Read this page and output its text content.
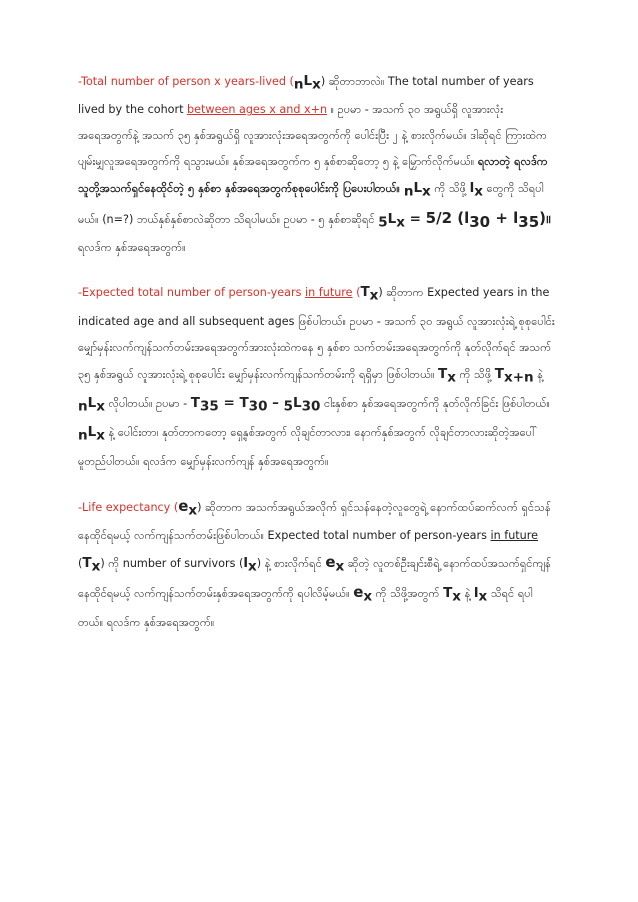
-Total number of person x years-lived $(_nL_x)$ ဆိုတာဘာလဲ။ The total number of years lived by the cohort between ages x and x+n ။ ဥပမာ - အသက် ၃၀ အရွယ်ရှိ လူအားလုံးအရေအတွက်နဲ့ အသက် ၃၅ နှစ်အရွယ်ရှိ လူအားလုံးအရေအတွက်ကို ပေါင်းပြီး ၂ နဲ့ စားလိုက်မယ်။ ဒါဆိုရင် ကြားထဲက ပျမ်းမျှလူအရေအတွက်ကို ရသွားမယ်။ နှစ်အရေအတွက်က ၅ နှစ်စာဆိုတော့ ၅ နဲ့ မြှောက်လိုက်မယ်။ ရလာတဲ့ ရလဒ်က သူတို့အသက်ရှင်နေထိုင်တဲ့ ၅ နှစ်စာ နှစ်အရေအတွက်စုစုပေါင်းကို ပြပေးပါတယ်။ $_nL_x$ ကို သိဖို့ $l_x$ တွေကို သိရပါမယ်။ (n=?) ဘယ်နှစ်နှစ်စာလဲဆိုတာ သိရပါမယ်။ ဥပမာ - ၅ နှစ်စာဆိုရင် $_5L_x = 5/2$ $(l_{30} + l_{35})$။ ရလဒ်က နှစ်အရေအတွက်။

-Expected total number of person-years in future $(T_x)$ ဆိုတာက Expected years in the indicated age and all subsequent ages ဖြစ်ပါတယ်။ ဥပမာ - အသက် ၃၀ အရွယ် လူအားလုံးရဲ့ စုစုပေါင်း မျှော်မှန်းလက်ကျန်သက်တမ်းအရေအတွက်အားလုံးထဲကနေ ၅ နှစ်စာ သက်တမ်းအရေအတွက်ကို နုတ်လိုက်ရင် အသက် ၃၅ နှစ်အရွယ် လူအားလုံးရဲ့ စုစုပေါင်း မျှော်မှန်းလက်ကျန်သက်တမ်းကို ရရှိမှာ ဖြစ်ပါတယ်။ $T_x$ ကို သိဖို့ $T_{x+n}$ နဲ့ $_nL_x$ လိုပါတယ်။ ဥပမာ - $T_{35} = T_{30} - _5L_{30}$ ငါးနှစ်စာ နှစ်အရေအတွက်ကို နုတ်လိုက်ခြင်း ဖြစ်ပါတယ်။ $_nL_x$ နဲ့ ပေါင်းတာ၊ နုတ်တာကတော့ ရှေ့နှစ်အတွက် လိုချင်တာလား၊ နောက်နှစ်အတွက် လိုချင်တာလားဆိုတဲ့အပေါ် မူတည်ပါတယ်။ ရလဒ်က မျှော်မှန်းလက်ကျန် နှစ်အရေအတွက်။

-Life expectancy $(e_x)$ ဆိုတာက အသက်အရွယ်အလိုက် ရှင်သန်နေတဲ့လူတွေရဲ့ နောက်ထပ်ဆက်လက် ရှင်သန်နေထိုင်ရမယ့် လက်ကျန်သက်တမ်းဖြစ်ပါတယ်။ Expected total number of person-years in future $(T_x)$ ကို number of survivors $(l_x)$ နဲ့ စားလိုက်ရင် $e_x$ ဆိုတဲ့ လူတစ်ဦးချင်းစီရဲ့ နောက်ထပ်အသက်ရှင်ကျန်နေထိုင်ရမယ့် လက်ကျန်သက်တမ်းနှစ်အရေအတွက်ကို ရပါလိမ့်မယ်။ $e_x$ ကို သိဖို့အတွက် $T_x$ နဲ့ $l_x$ သိရင် ရပါတယ်။ ရလဒ်က နှစ်အရေအတွက်။
